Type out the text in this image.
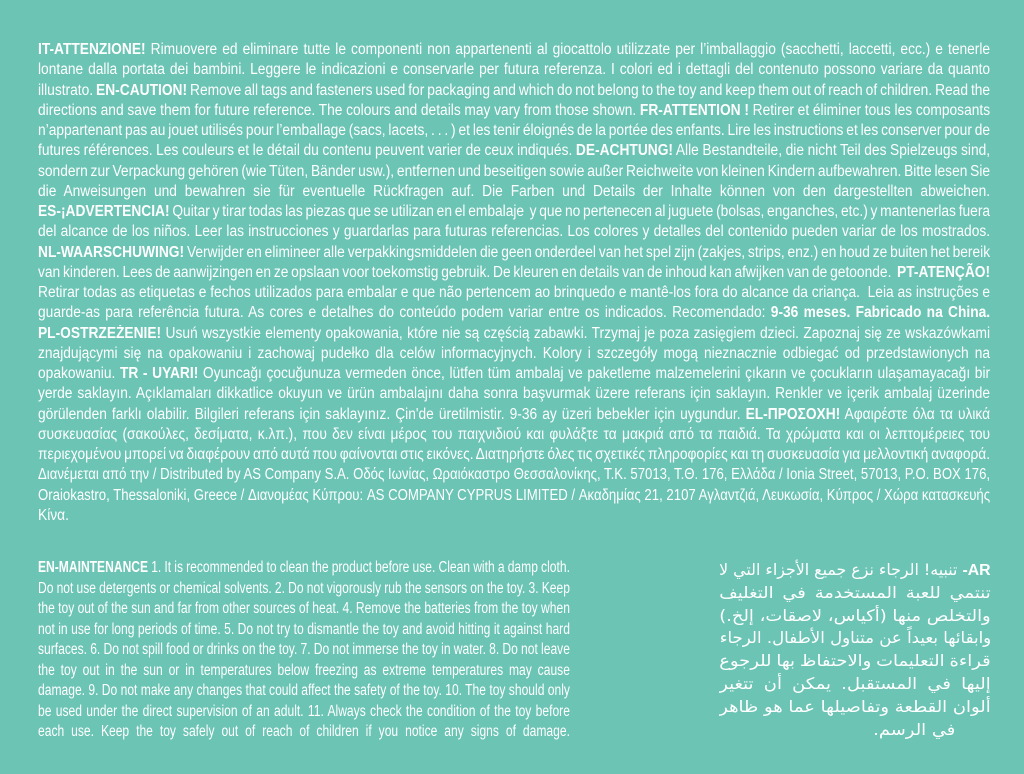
IT-ATTENZIONE! Rimuovere ed eliminare tutte le componenti non appartenenti al giocattolo utilizzate per l’imballaggio (sacchetti, laccetti, ecc.) e tenerle
lontane dalla portata dei bambini. Leggere le indicazioni e conservarle per futura referenza. I colori ed i dettagli del contenuto possono variare da quanto
illustrato. EN-CAUTION! Remove all tags and fasteners used for packaging and which do not belong to the toy and keep them out of reach of children. Read the
directions and save them for future reference. The colours and details may vary from those shown. FR-ATTENTION ! Retirer et éliminer tous les composants
n’appartenant pas au jouet utilisés pour l’emballage (sacs, lacets, . . . ) et les tenir éloignés de la portée des enfants. Lire les instructions et les conserver pour de
futures références. Les couleurs et le détail du contenu peuvent varier de ceux indiqués. DE-ACHTUNG! Alle Bestandteile, die nicht Teil des Spielzeugs sind,
sondern zur Verpackung gehören (wie Tüten, Bänder usw.), entfernen und beseitigen sowie außer Reichweite von kleinen Kindern aufbewahren. Bitte lesen Sie
die Anweisungen und bewahren sie für eventuelle Rückfragen auf. Die Farben und Details der Inhalte können von den dargestellten abweichen.
ES-¡ADVERTENCIA! Quitar y tirar todas las piezas que se utilizan en el embalaje  y que no pertenecen al juguete (bolsas, enganches, etc.) y mantenerlas fuera
del alcance de los niños. Leer las instrucciones y guardarlas para futuras referencias. Los colores y detalles del contenido pueden variar de los mostrados.
NL-WAARSCHUWING! Verwijder en elimineer alle verpakkingsmiddelen die geen onderdeel van het spel zijn (zakjes, strips, enz.) en houd ze buiten het bereik
van kinderen. Lees de aanwijzingen en ze opslaan voor toekomstig gebruik. De kleuren en details van de inhoud kan afwijken van de getoonde.  PT-ATENÇÃO!
Retirar todas as etiquetas e fechos utilizados para embalar e que não pertencem ao brinquedo e mantê-los fora do alcance da criança.  Leia as instruções e
guarde-as para referência futura. As cores e detalhes do conteúdo podem variar entre os indicados. Recomendado: 9-36 meses. Fabricado na China.
PL-OSTRZEŻENIE! Usuń wszystkie elementy opakowania, które nie są częścią zabawki. Trzymaj je poza zasięgiem dzieci. Zapoznaj się ze wskazówkami
znajdującymi się na opakowaniu i zachowaj pudełko dla celów informacyjnych. Kolory i szczegóły mogą nieznacznie odbiegać od przedstawionych na
opakowaniu. TR - UYARI! Oyuncağı çocuğunuza vermeden önce, lütfen tüm ambalaj ve paketleme malzemelerini çıkarın ve çocukların ulaşamayacağı bir
yerde saklayın. Açıklamaları dikkatlice okuyun ve ürün ambalajını daha sonra başvurmak üzere referans için saklayın. Renkler ve içerik ambalaj üzerinde
görülenden farklı olabilir. Bilgileri referans için saklayınız. Çin'de üretilmistir. 9-36 ay üzeri bebekler için uygundur. EL-ΠΡΟΣΟΧΗ! Αφαιρέστε όλα τα υλικά
συσκευασίας (σακούλες, δεσίματα, κ.λπ.), που δεν είναι μέρος του παιχνιδιού και φυλάξτε τα μακριά από τα παιδιά. Τα χρώματα και οι λεπτομέρειες του
περιεχομένου μπορεί να διαφέρουν από αυτά που φαίνονται στις εικόνες. Διατηρήστε όλες τις σχετικές πληροφορίες και τη συσκευασία για μελλοντική αναφορά.
Διανέμεται από την / Distributed by AS Company S.A. Οδός Ιωνίας, Ωραιόκαστρο Θεσσαλονίκης, Τ.Κ. 57013, Τ.Θ. 176, Ελλάδα / Ionia Street, 57013, P.O. BOX 176,
Oraiokastro, Thessaloniki, Greece / Διανομέας Κύπρου: AS COMPANY CYPRUS LIMITED / Ακαδημίας 21, 2107 Αγλαντζιά, Λευκωσία, Κύπρος / Χώρα κατασκευής
Κίνα.
EN-MAINTENANCE 1. It is recommended to clean the product before use. Clean with a damp cloth.
Do not use detergents or chemical solvents. 2. Do not vigorously rub the sensors on the toy. 3. Keep
the toy out of the sun and far from other sources of heat. 4. Remove the batteries from the toy when
not in use for long periods of time. 5. Do not try to dismantle the toy and avoid hitting it against hard
surfaces. 6. Do not spill food or drinks on the toy. 7. Do not immerse the toy in water. 8. Do not leave
the toy out in the sun or in temperatures below freezing as extreme temperatures may cause
damage. 9. Do not make any changes that could affect the safety of the toy. 10. The toy should only
be used under the direct supervision of an adult. 11. Always check the condition of the toy before
each use. Keep the toy safely out of reach of children if you notice any signs of damage.
-AR تنبيه! الرجاء نزع جميع الأجزاء التي لا
تنتمي للعبة المستخدمة في التغليف
والتخلص منها (أكياس، لاصقات، إلخ.)
وابقائها بعيداً عن متناول الأطفال. الرجاء
قراءة التعليمات والاحتفاظ بها للرجوع
إليها في المستقبل. يمكن أن تتغير
ألوان القطعة وتفاصيلها عما هو ظاهر
في الرسم.
